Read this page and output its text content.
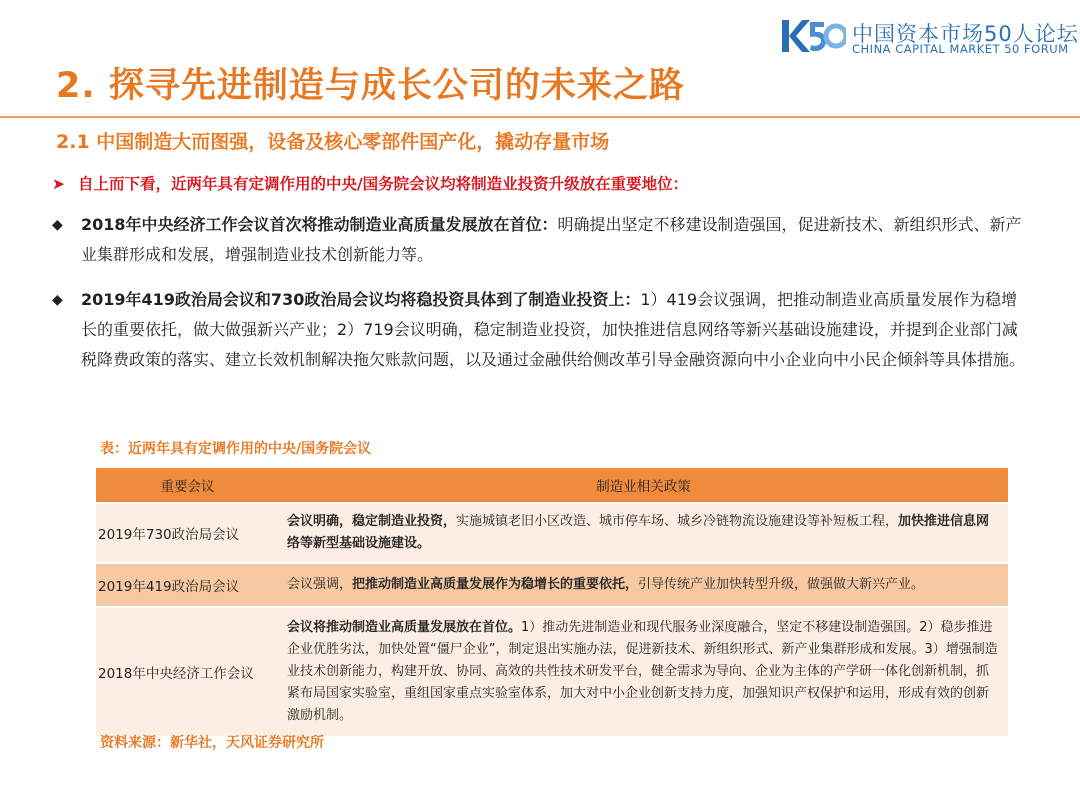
中国资本市场50人论坛
CHINA CAPITAL MARKET 50 FORUM
2. 探寻先进制造与成长公司的未来之路
2.1 中国制造大而图强，设备及核心零部件国产化，撬动存量市场
➤ 自上而下看，近两年具有定调作用的中央/国务院会议均将制造业投资升级放在重要地位：
◆ 2018年中央经济工作会议首次将推动制造业高质量发展放在首位：明确提出坚定不移建设制造强国，促进新技术、新组织形式、新产业集群形成和发展，增强制造业技术创新能力等。
◆ 2019年419政治局会议和730政治局会议均将稳投资具体到了制造业投资上：1）419会议强调，把推动制造业高质量发展作为稳增长的重要依托，做大做强新兴产业；2）719会议明确，稳定制造业投资，加快推进信息网络等新兴基础设施建设，并提到企业部门减税降费政策的落实、建立长效机制解决拖欠账款问题，以及通过金融供给侧改革引导金融资源向中小企业向中小民企倾斜等具体措施。
表：近两年具有定调作用的中央/国务院会议
重要会议	制造业相关政策
2019年730政治局会议	会议明确，稳定制造业投资，实施城镇老旧小区改造、城市停车场、城乡冷链物流设施建设等补短板工程，加快推进信息网络等新型基础设施建设。
2019年419政治局会议	会议强调，把推动制造业高质量发展作为稳增长的重要依托，引导传统产业加快转型升级，做强做大新兴产业。
2018年中央经济工作会议	会议将推动制造业高质量发展放在首位。1）推动先进制造业和现代服务业深度融合，坚定不移建设制造强国。2）稳步推进企业优胜劣汰，加快处置“僵尸企业”，制定退出实施办法，促进新技术、新组织形式、新产业集群形成和发展。3）增强制造业技术创新能力，构建开放、协同、高效的共性技术研发平台，健全需求为导向、企业为主体的产学研一体化创新机制，抓紧布局国家实验室，重组国家重点实验室体系，加大对中小企业创新支持力度，加强知识产权保护和运用，形成有效的创新激励机制。
资料来源：新华社，天风证券研究所
